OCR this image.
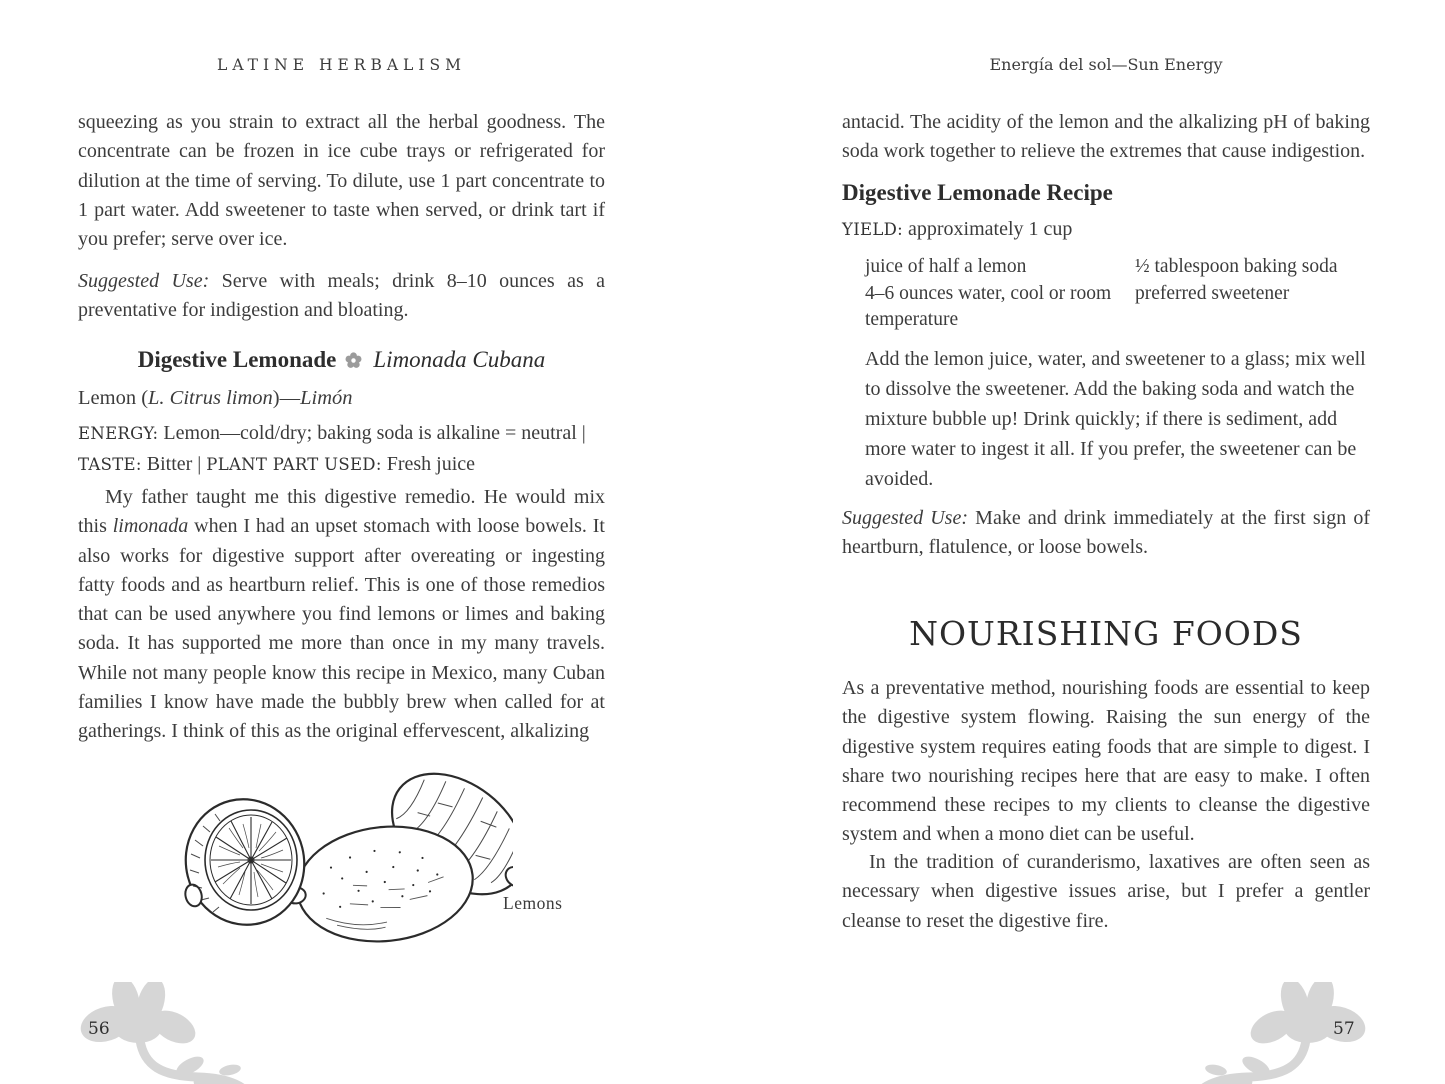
LATINE HERBALISM
squeezing as you strain to extract all the herbal goodness. The concentrate can be frozen in ice cube trays or refrigerated for dilution at the time of serving. To dilute, use 1 part concentrate to 1 part water. Add sweetener to taste when served, or drink tart if you prefer; serve over ice.
Suggested Use: Serve with meals; drink 8–10 ounces as a preventative for indigestion and bloating.
Digestive Lemonade Limonada Cubana
Lemon (L. Citrus limon)—Limón
ENERGY: Lemon—cold/dry; baking soda is alkaline = neutral | TASTE: Bitter | PLANT PART USED: Fresh juice
My father taught me this digestive remedio. He would mix this limonada when I had an upset stomach with loose bowels. It also works for digestive support after overeating or ingesting fatty foods and as heartburn relief. This is one of those remedios that can be used anywhere you find lemons or limes and baking soda. It has supported me more than once in my many travels. While not many people know this recipe in Mexico, many Cuban families I know have made the bubbly brew when called for at gatherings. I think of this as the original effervescent, alkalizing
Lemons
Energía del sol—Sun Energy
antacid. The acidity of the lemon and the alkalizing pH of baking soda work together to relieve the extremes that cause indigestion.
Digestive Lemonade Recipe
YIELD: approximately 1 cup
juice of half a lemon	½ tablespoon baking soda
4–6 ounces water, cool or room temperature
preferred sweetener
Add the lemon juice, water, and sweetener to a glass; mix well to dissolve the sweetener. Add the baking soda and watch the mixture bubble up! Drink quickly; if there is sediment, add more water to ingest it all. If you prefer, the sweetener can be avoided.
Suggested Use: Make and drink immediately at the first sign of heartburn, flatulence, or loose bowels.
NOURISHING FOODS
As a preventative method, nourishing foods are essential to keep the digestive system flowing. Raising the sun energy of the digestive system requires eating foods that are simple to digest. I share two nourishing recipes here that are easy to make. I often recommend these recipes to my clients to cleanse the digestive system and when a mono diet can be useful.
In the tradition of curanderismo, laxatives are often seen as necessary when digestive issues arise, but I prefer a gentler cleanse to reset the digestive fire.
56	57
